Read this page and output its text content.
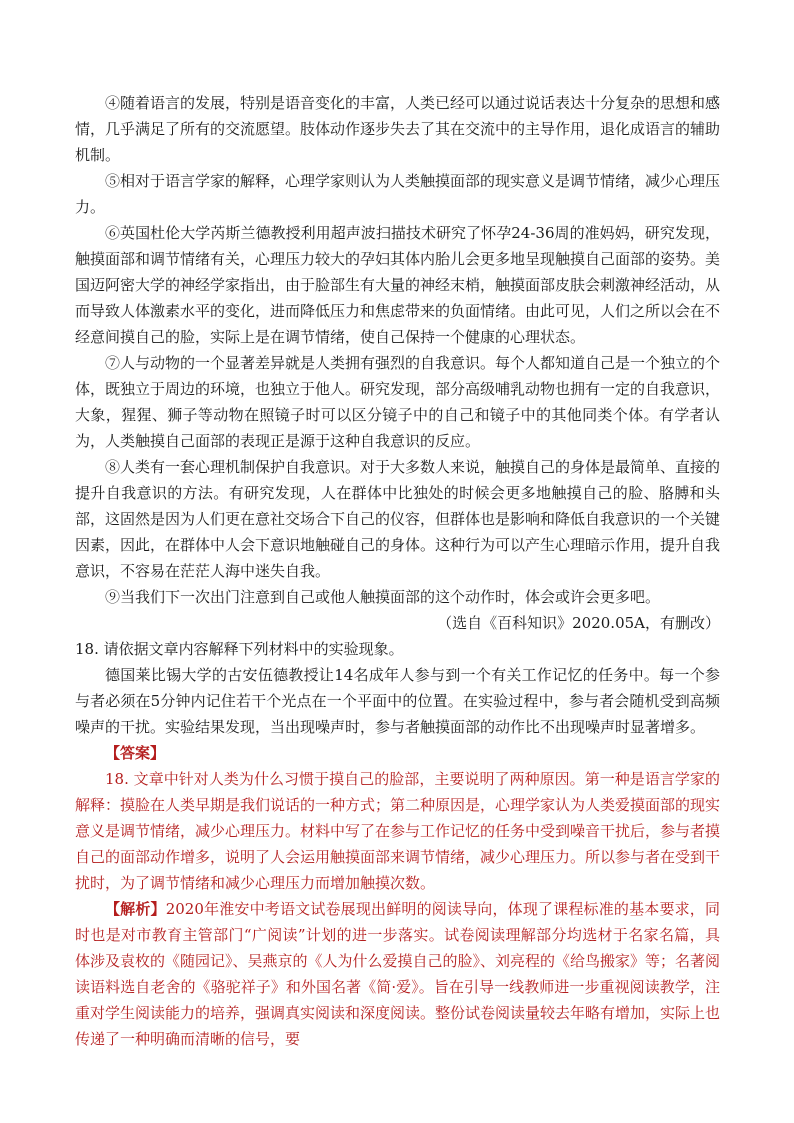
④随着语言的发展，特别是语音变化的丰富，人类已经可以通过说话表达十分复杂的思想和感情，几乎满足了所有的交流愿望。肢体动作逐步失去了其在交流中的主导作用，退化成语言的辅助机制。

⑤相对于语言学家的解释，心理学家则认为人类触摸面部的现实意义是调节情绪，减少心理压力。

⑥英国杜伦大学芮斯兰德教授利用超声波扫描技术研究了怀孕24-36周的准妈妈，研究发现，触摸面部和调节情绪有关，心理压力较大的孕妇其体内胎儿会更多地呈现触摸自己面部的姿势。美国迈阿密大学的神经学家指出，由于脸部生有大量的神经末梢，触摸面部皮肤会刺激神经活动，从而导致人体激素水平的变化，进而降低压力和焦虑带来的负面情绪。由此可见，人们之所以会在不经意间摸自己的脸，实际上是在调节情绪，使自己保持一个健康的心理状态。

⑦人与动物的一个显著差异就是人类拥有强烈的自我意识。每个人都知道自己是一个独立的个体，既独立于周边的环境，也独立于他人。研究发现，部分高级哺乳动物也拥有一定的自我意识，大象，猩猩、狮子等动物在照镜子时可以区分镜子中的自己和镜子中的其他同类个体。有学者认为，人类触摸自己面部的表现正是源于这种自我意识的反应。

⑧人类有一套心理机制保护自我意识。对于大多数人来说，触摸自己的身体是最简单、直接的提升自我意识的方法。有研究发现，人在群体中比独处的时候会更多地触摸自己的脸、胳膊和头部，这固然是因为人们更在意社交场合下自己的仪容，但群体也是影响和降低自我意识的一个关键因素，因此，在群体中人会下意识地触碰自己的身体。这种行为可以产生心理暗示作用，提升自我意识，不容易在茫茫人海中迷失自我。

⑨当我们下一次出门注意到自己或他人触摸面部的这个动作时，体会或许会更多吧。

（选自《百科知识》2020.05A，有删改）

18. 请依据文章内容解释下列材料中的实验现象。

德国莱比锡大学的古安伍德教授让14名成年人参与到一个有关工作记忆的任务中。每一个参与者必须在5分钟内记住若干个光点在一个平面中的位置。在实验过程中，参与者会随机受到高频噪声的干扰。实验结果发现，当出现噪声时，参与者触摸面部的动作比不出现噪声时显著增多。

【答案】

18. 文章中针对人类为什么习惯于摸自己的脸部，主要说明了两种原因。第一种是语言学家的解释：摸脸在人类早期是我们说话的一种方式；第二种原因是，心理学家认为人类爱摸面部的现实意义是调节情绪，减少心理压力。材料中写了在参与工作记忆的任务中受到噪音干扰后，参与者摸自己的面部动作增多，说明了人会运用触摸面部来调节情绪，减少心理压力。所以参与者在受到干扰时，为了调节情绪和减少心理压力而增加触摸次数。

【解析】2020年淮安中考语文试卷展现出鲜明的阅读导向，体现了课程标准的基本要求，同时也是对市教育主管部门“广阅读”计划的进一步落实。试卷阅读理解部分均选材于名家名篇，具体涉及袁枚的《随园记》、吴燕京的《人为什么爱摸自己的脸》、刘亮程的《给鸟搬家》等；名著阅读语料选自老舍的《骆驼祥子》和外国名著《简·爱》。旨在引导一线教师进一步重视阅读教学，注重对学生阅读能力的培养，强调真实阅读和深度阅读。整份试卷阅读量较去年略有增加，实际上也传递了一种明确而清晰的信号，要
